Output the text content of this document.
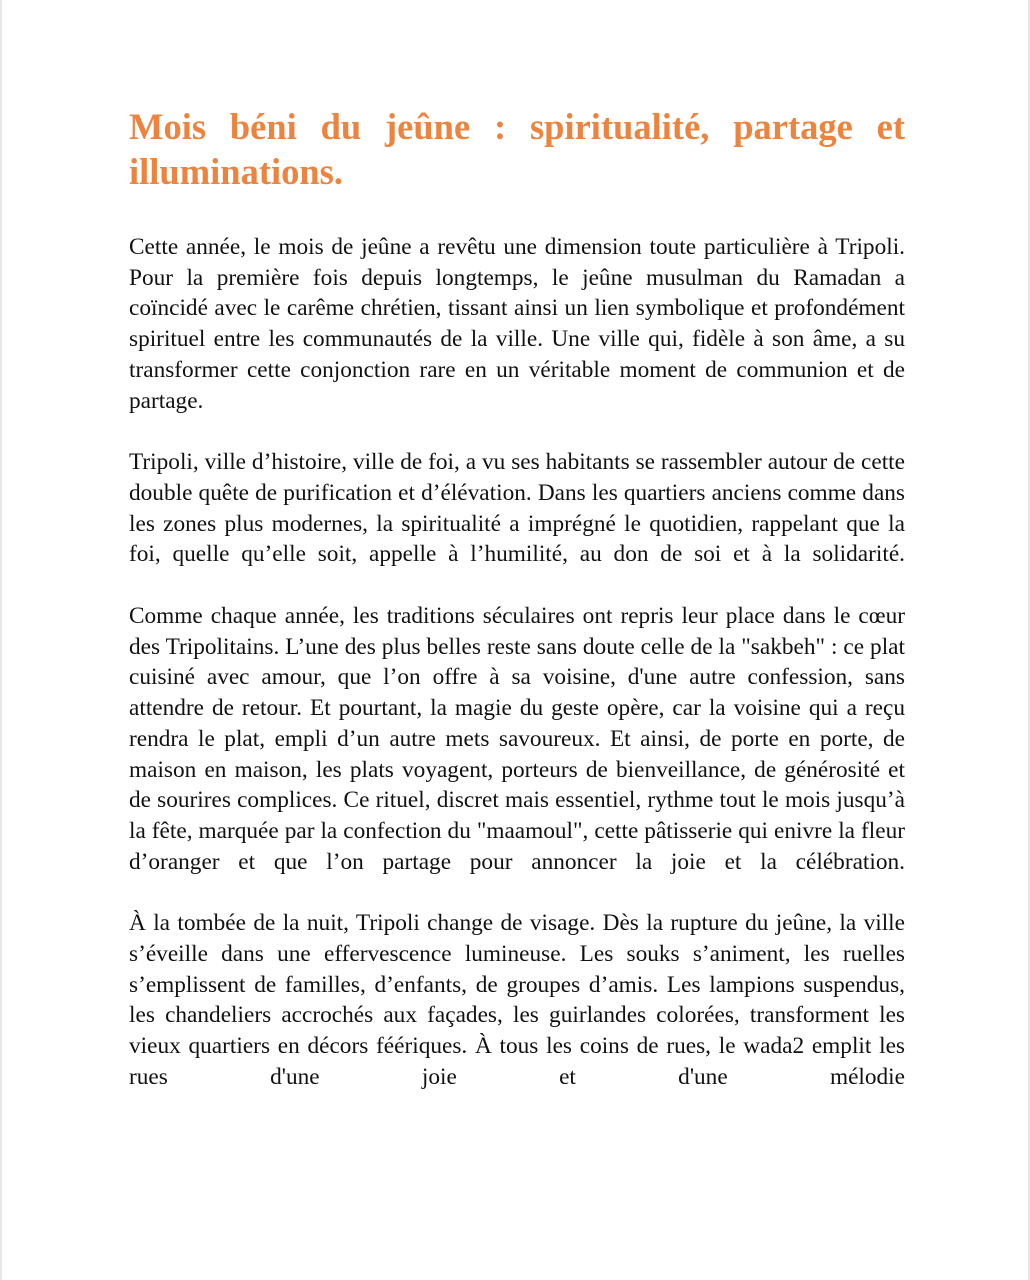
Mois béni du jeûne : spiritualité, partage et illuminations.

Cette année, le mois de jeûne a revêtu une dimension toute particulière à Tripoli. Pour la première fois depuis longtemps, le jeûne musulman du Ramadan a coïncidé avec le carême chrétien, tissant ainsi un lien symbolique et profondément spirituel entre les communautés de la ville. Une ville qui, fidèle à son âme, a su transformer cette conjonction rare en un véritable moment de communion et de partage.

Tripoli, ville d’histoire, ville de foi, a vu ses habitants se rassembler autour de cette double quête de purification et d’élévation. Dans les quartiers anciens comme dans les zones plus modernes, la spiritualité a imprégné le quotidien, rappelant que la foi, quelle qu’elle soit, appelle à l’humilité, au don de soi et à la solidarité.

Comme chaque année, les traditions séculaires ont repris leur place dans le cœur des Tripolitains. L’une des plus belles reste sans doute celle de la "sakbeh" : ce plat cuisiné avec amour, que l’on offre à sa voisine, d'une autre confession, sans attendre de retour. Et pourtant, la magie du geste opère, car la voisine qui a reçu rendra le plat, empli d’un autre mets savoureux. Et ainsi, de porte en porte, de maison en maison, les plats voyagent, porteurs de bienveillance, de générosité et de sourires complices. Ce rituel, discret mais essentiel, rythme tout le mois jusqu’à la fête, marquée par la confection du "maamoul", cette pâtisserie qui enivre la fleur d’oranger et que l’on partage pour annoncer la joie et la célébration.

À la tombée de la nuit, Tripoli change de visage. Dès la rupture du jeûne, la ville s’éveille dans une effervescence lumineuse. Les souks s’animent, les ruelles s’emplissent de familles, d’enfants, de groupes d’amis. Les lampions suspendus, les chandeliers accrochés aux façades, les guirlandes colorées, transforment les vieux quartiers en décors féériques. À tous les coins de rues, le wada2 emplit les rues d'une joie et d'une mélodie
